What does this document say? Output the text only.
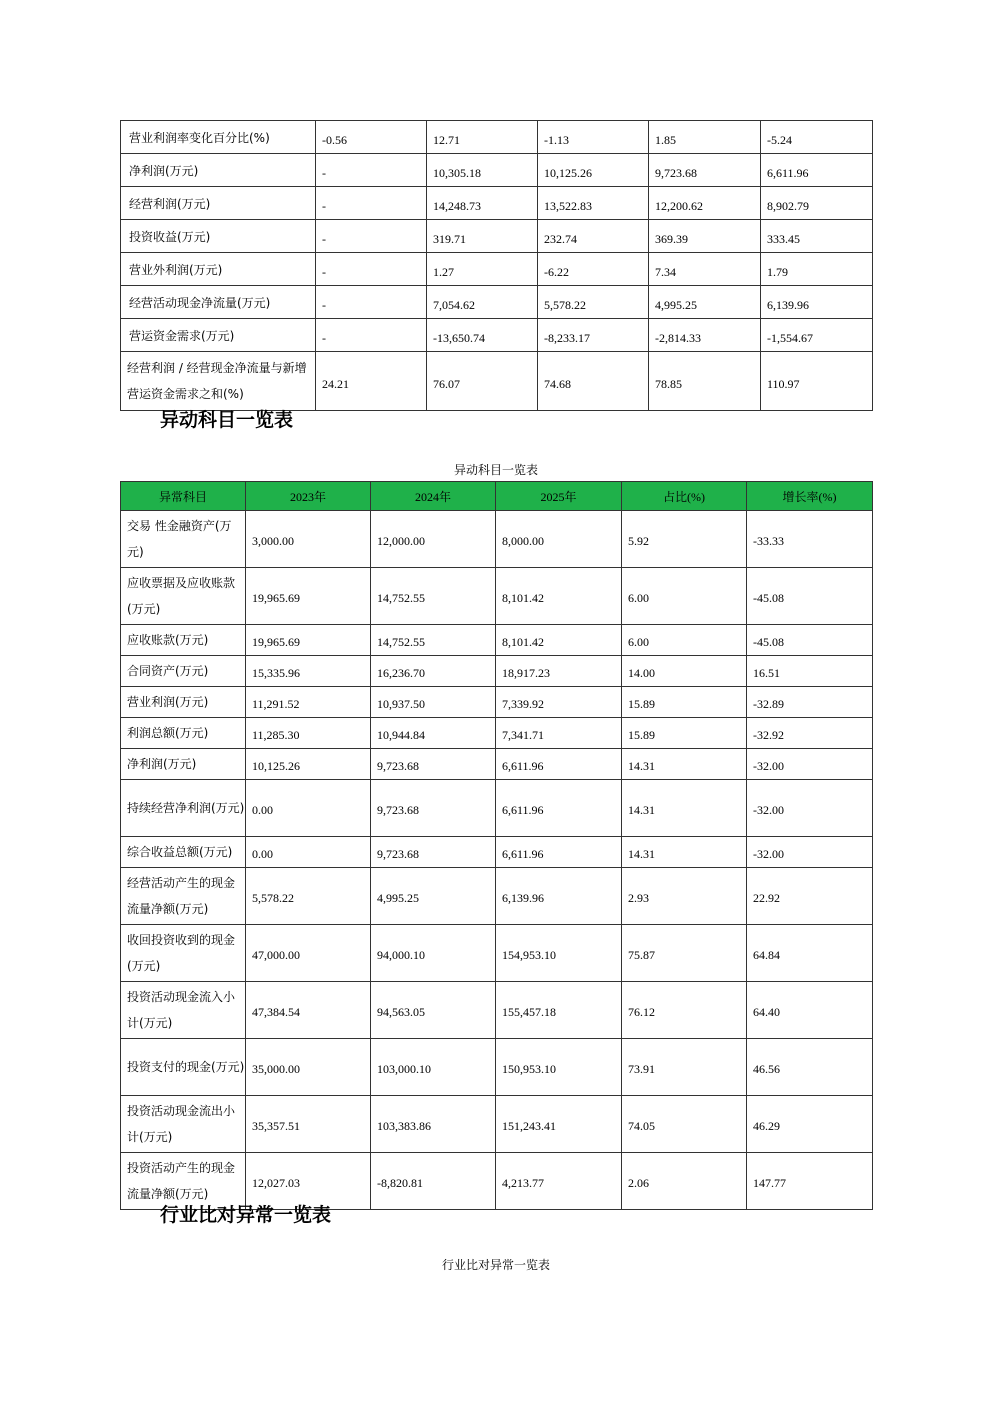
营业利润率变化百分比(%)	-0.56	12.71	-1.13	1.85	-5.24
净利润(万元)	-	10,305.18	10,125.26	9,723.68	6,611.96
经营利润(万元)	-	14,248.73	13,522.83	12,200.62	8,902.79
投资收益(万元)	-	319.71	232.74	369.39	333.45
营业外利润(万元)	-	1.27	-6.22	7.34	1.79
经营活动现金净流量(万元)	-	7,054.62	5,578.22	4,995.25	6,139.96
营运资金需求(万元)	-	-13,650.74	-8,233.17	-2,814.33	-1,554.67
经营利润 / 经营现金净流量与新增营运资金需求之和(%)	24.21	76.07	74.68	78.85	110.97
异动科目一览表
异动科目一览表
异常科目	2023年	2024年	2025年	占比(%)	增长率(%)
交易 性金融资产(万元)	3,000.00	12,000.00	8,000.00	5.92	-33.33
应收票据及应收账款(万元)	19,965.69	14,752.55	8,101.42	6.00	-45.08
应收账款(万元)	19,965.69	14,752.55	8,101.42	6.00	-45.08
合同资产(万元)	15,335.96	16,236.70	18,917.23	14.00	16.51
营业利润(万元)	11,291.52	10,937.50	7,339.92	15.89	-32.89
利润总额(万元)	11,285.30	10,944.84	7,341.71	15.89	-32.92
净利润(万元)	10,125.26	9,723.68	6,611.96	14.31	-32.00
持续经营净利润(万元)	0.00	9,723.68	6,611.96	14.31	-32.00
综合收益总额(万元)	0.00	9,723.68	6,611.96	14.31	-32.00
经营活动产生的现金流量净额(万元)	5,578.22	4,995.25	6,139.96	2.93	22.92
收回投资收到的现金(万元)	47,000.00	94,000.10	154,953.10	75.87	64.84
投资活动现金流入小计(万元)	47,384.54	94,563.05	155,457.18	76.12	64.40
投资支付的现金(万元)	35,000.00	103,000.10	150,953.10	73.91	46.56
投资活动现金流出小计(万元)	35,357.51	103,383.86	151,243.41	74.05	46.29
投资活动产生的现金流量净额(万元)	12,027.03	-8,820.81	4,213.77	2.06	147.77
行业比对异常一览表
行业比对异常一览表
